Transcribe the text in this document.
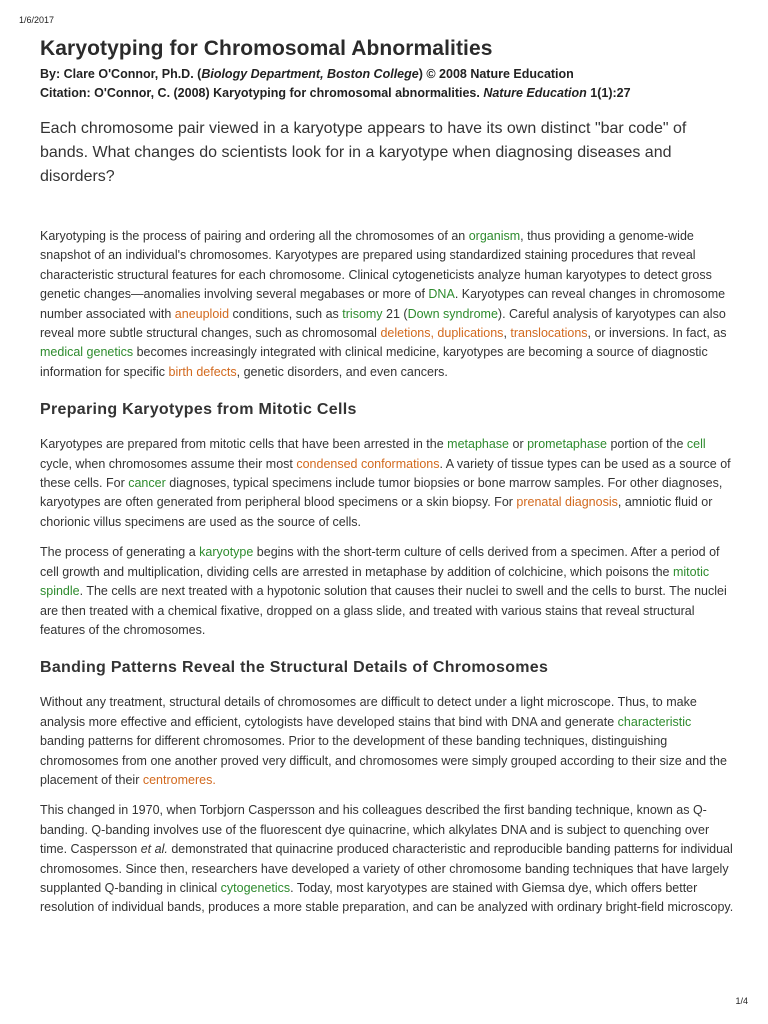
1/6/2017
Karyotyping for Chromosomal Abnormalities
By: Clare O'Connor, Ph.D. (Biology Department, Boston College) © 2008 Nature Education
Citation: O'Connor, C. (2008) Karyotyping for chromosomal abnormalities. Nature Education 1(1):27
Each chromosome pair viewed in a karyotype appears to have its own distinct "bar code" of bands. What changes do scientists look for in a karyotype when diagnosing diseases and disorders?

Karyotyping is the process of pairing and ordering all the chromosomes of an organism, thus providing a genome-wide snapshot of an individual's chromosomes. Karyotypes are prepared using standardized staining procedures that reveal characteristic structural features for each chromosome. Clinical cytogeneticists analyze human karyotypes to detect gross genetic changes—anomalies involving several megabases or more of DNA. Karyotypes can reveal changes in chromosome number associated with aneuploid conditions, such as trisomy 21 (Down syndrome). Careful analysis of karyotypes can also reveal more subtle structural changes, such as chromosomal deletions, duplications, translocations, or inversions. In fact, as medical genetics becomes increasingly integrated with clinical medicine, karyotypes are becoming a source of diagnostic information for specific birth defects, genetic disorders, and even cancers.

Preparing Karyotypes from Mitotic Cells

Karyotypes are prepared from mitotic cells that have been arrested in the metaphase or prometaphase portion of the cell cycle, when chromosomes assume their most condensed conformations. A variety of tissue types can be used as a source of these cells. For cancer diagnoses, typical specimens include tumor biopsies or bone marrow samples. For other diagnoses, karyotypes are often generated from peripheral blood specimens or a skin biopsy. For prenatal diagnosis, amniotic fluid or chorionic villus specimens are used as the source of cells.

The process of generating a karyotype begins with the short-term culture of cells derived from a specimen. After a period of cell growth and multiplication, dividing cells are arrested in metaphase by addition of colchicine, which poisons the mitotic spindle. The cells are next treated with a hypotonic solution that causes their nuclei to swell and the cells to burst. The nuclei are then treated with a chemical fixative, dropped on a glass slide, and treated with various stains that reveal structural features of the chromosomes.

Banding Patterns Reveal the Structural Details of Chromosomes

Without any treatment, structural details of chromosomes are difficult to detect under a light microscope. Thus, to make analysis more effective and efficient, cytologists have developed stains that bind with DNA and generate characteristic banding patterns for different chromosomes. Prior to the development of these banding techniques, distinguishing chromosomes from one another proved very difficult, and chromosomes were simply grouped according to their size and the placement of their centromeres.

This changed in 1970, when Torbjorn Caspersson and his colleagues described the first banding technique, known as Q-banding. Q-banding involves use of the fluorescent dye quinacrine, which alkylates DNA and is subject to quenching over time. Caspersson et al. demonstrated that quinacrine produced characteristic and reproducible banding patterns for individual chromosomes. Since then, researchers have developed a variety of other chromosome banding techniques that have largely supplanted Q-banding in clinical cytogenetics. Today, most karyotypes are stained with Giemsa dye, which offers better resolution of individual bands, produces a more stable preparation, and can be analyzed with ordinary bright-field microscopy.

1/4
